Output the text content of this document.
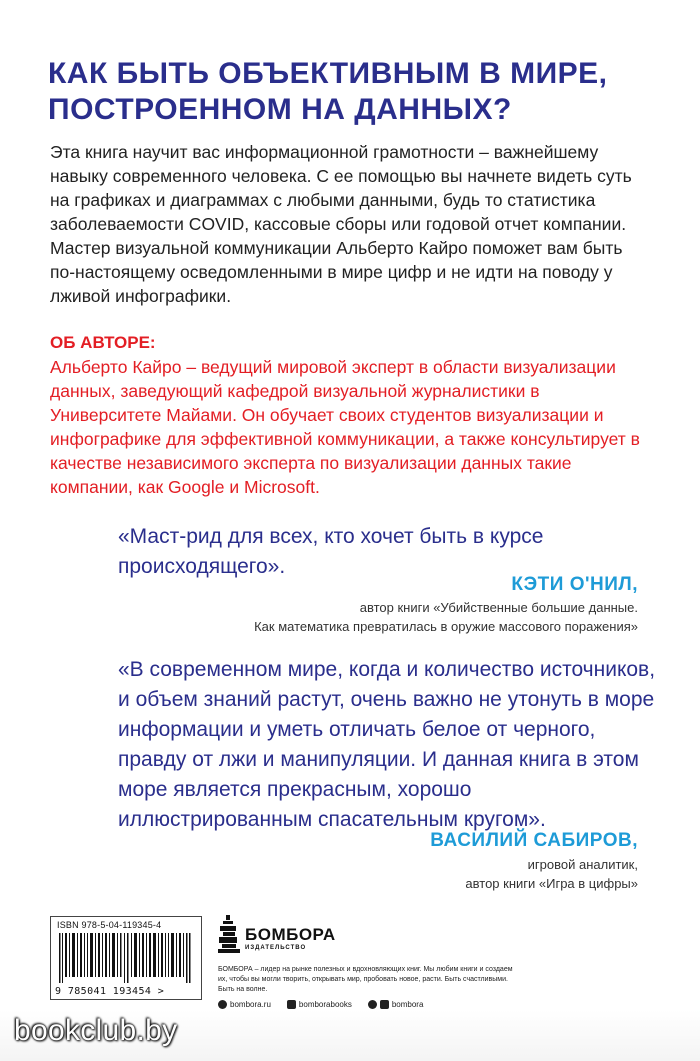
КАК БЫТЬ ОБЪЕКТИВНЫМ В МИРЕ,
ПОСТРОЕННОМ НА ДАННЫХ?
Эта книга научит вас информационной грамотности – важнейшему навыку современного человека. С ее помощью вы начнете видеть суть на графиках и диаграммах с любыми данными, будь то статистика заболеваемости COVID, кассовые сборы или годовой отчет компании. Мастер визуальной коммуникации Альберто Кайро поможет вам быть по-настоящему осведомленными в мире цифр и не идти на поводу у лживой инфографики.
ОБ АВТОРЕ:
Альберто Кайро – ведущий мировой эксперт в области визуализации данных, заведующий кафедрой визуальной журналистики в Университете Майами. Он обучает своих студентов визуализации и инфографике для эффективной коммуникации, а также консультирует в качестве независимого эксперта по визуализации данных такие компании, как Google и Microsoft.
«Маст-рид для всех, кто хочет быть в курсе происходящего».
КЭТИ О'НИЛ,
автор книги «Убийственные большие данные.
Как математика превратилась в оружие массового поражения»
«В современном мире, когда и количество источников, и объем знаний растут, очень важно не утонуть в море информации и уметь отличать белое от черного, правду от лжи и манипуляции. И данная книга в этом море является прекрасным, хорошо иллюстрированным спасательным кругом».
ВАСИЛИЙ САБИРОВ,
игровой аналитик,
автор книги «Игра в цифры»
ISBN 978-5-04-119345-4
9 785041 193454 >
БОМБОРА
ИЗДАТЕЛЬСТВО
БОМБОРА – лидер на рынке полезных и вдохновляющих книг. Мы любим книги и создаем их, чтобы вы могли творить, открывать мир, пробовать новое, расти. Быть счастливыми. Быть на волне.
bombora.ru	bomborabooks	bombora
bookclub.by
